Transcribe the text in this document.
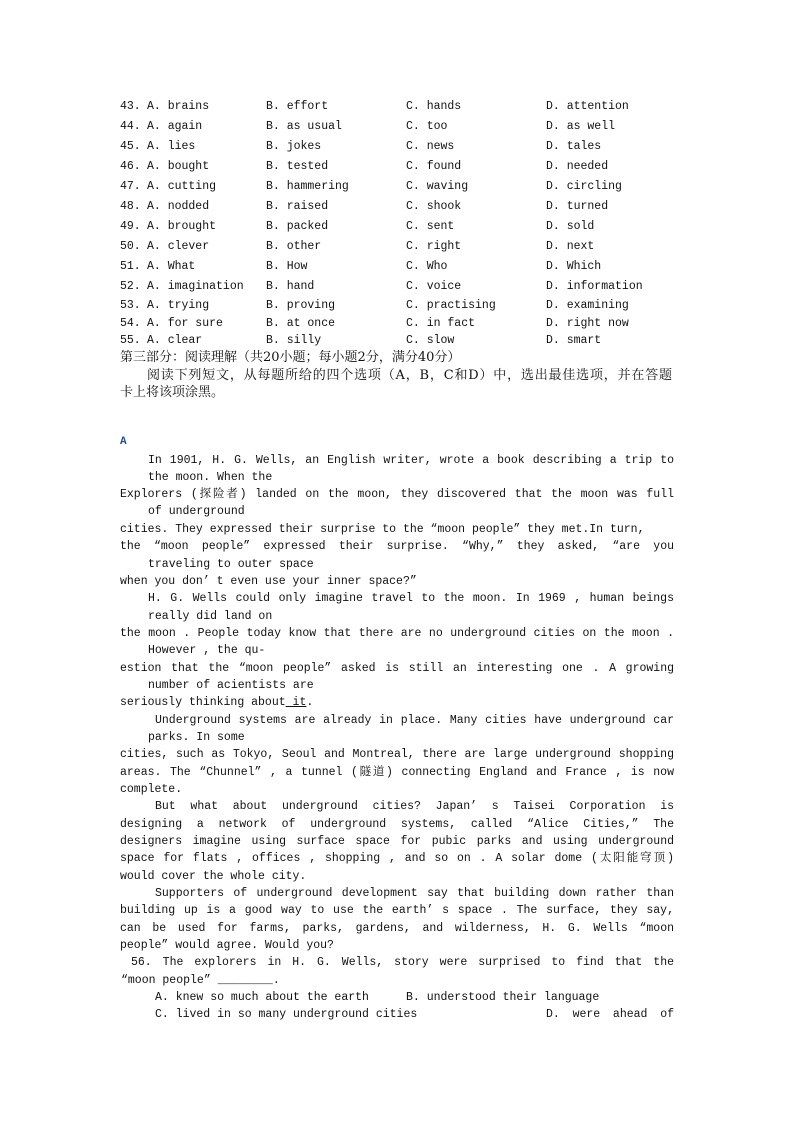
43. A. brains	B. effort	C. hands	D. attention
44. A. again	B. as usual	C. too	D. as well
45. A. lies	B. jokes	C. news	D. tales
46. A. bought	B. tested	C. found	D. needed
47. A. cutting	B. hammering	C. waving	D. circling
48. A. nodded	B. raised	C. shook	D. turned
49. A. brought	B. packed	C. sent	D. sold
50. A. clever	B. other	C. right	D. next
51. A. What	B. How	C. Who	D. Which
52. A. imagination B. hand	C. voice	D. information
53. A. trying	B. proving	C. practising	D. examining
54. A. for sure	B. at once	C. in fact	D. right now
55. A. clear	B. silly	C. slow	D. smart
第三部分：阅读理解（共20小题；每小题2分，满分40分）
阅读下列短文，从每题所给的四个选项（A，B，C和D）中，选出最佳选项，并在答题
卡上将该项涂黑。
A
In 1901, H. G. Wells, an English writer, wrote a book describing a trip to
the moon. When the
Explorers (探险者) landed on the moon, they discovered that the moon was full
of underground
cities. They expressed their surprise to the “moon people” they met.In turn,
the “moon people” expressed their surprise. “Why,” they asked, “are you
traveling to outer space
when you don’ t even use your inner space?”
H. G. Wells could only imagine travel to the moon. In 1969 , human beings
really did land on
the moon . People today know that there are no underground cities on the moon .
However , the qu-
estion that the “moon people” asked is still an interesting one . A growing
number of acientists are
seriously thinking about it.
Underground systems are already in place. Many cities have underground car
parks. In some
cities, such as Tokyo, Seoul and Montreal, there are large underground shopping
areas. The “Chunnel” , a tunnel (隧道) connecting England and France , is now
complete.
But what about underground cities? Japan’ s Taisei Corporation is
designing a network of underground systems, called “Alice Cities,” The
designers imagine using surface space for pubic parks and using underground
space for flats , offices , shopping , and so on . A solar dome (太阳能穹顶)
would cover the whole city.
Supporters of underground development say that building down rather than
building up is a good way to use the earth’ s space . The surface, they say,
can be used for farms, parks, gardens, and wilderness, H. G. Wells “moon
people” would agree. Would you?
56. The explorers in H. G. Wells, story were surprised to find that the
“moon people” ________.
A. knew so much about the earth	B. understood their language
C. lived in so many underground cities	D. were ahead of
